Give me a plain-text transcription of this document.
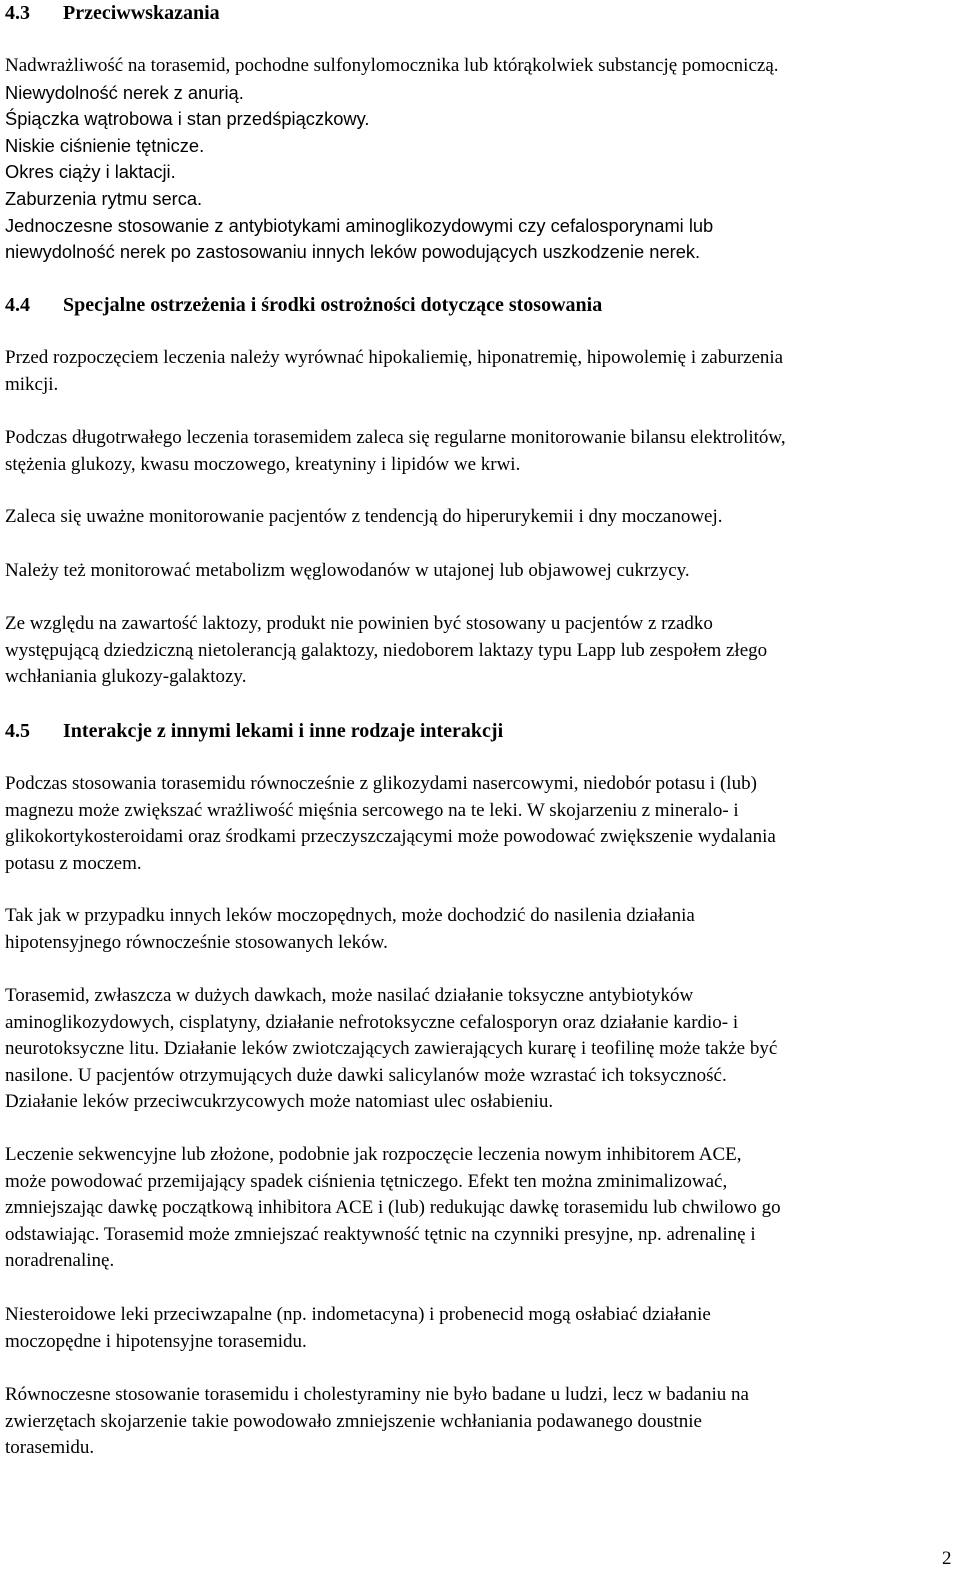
4.3 Przeciwwskazania

Nadwrażliwość na torasemid, pochodne sulfonylomocznika lub którąkolwiek substancję pomocniczą.

Niewydolność nerek z anurią.

Śpiączka wątrobowa i stan przedśpiączkowy.

Niskie ciśnienie tętnicze.

Okres ciąży i laktacji.

Zaburzenia rytmu serca.

Jednoczesne stosowanie z antybiotykami aminoglikozydowymi czy cefalosporynami lub

niewydolność nerek po zastosowaniu innych leków powodujących uszkodzenie nerek.

4.4 Specjalne ostrzeżenia i środki ostrożności dotyczące stosowania

Przed rozpoczęciem leczenia należy wyrównać hipokaliemię, hiponatremię, hipowolemię i zaburzenia

mikcji.

Podczas długotrwałego leczenia torasemidem zaleca się regularne monitorowanie bilansu elektrolitów,

stężenia glukozy, kwasu moczowego, kreatyniny i lipidów we krwi.

Zaleca się uważne monitorowanie pacjentów z tendencją do hiperurykemii i dny moczanowej.

Należy też monitorować metabolizm węglowodanów w utajonej lub objawowej cukrzycy.

Ze względu na zawartość laktozy, produkt nie powinien być stosowany u pacjentów z rzadko

występującą dziedziczną nietolerancją galaktozy, niedoborem laktazy typu Lapp lub zespołem złego

wchłaniania glukozy-galaktozy.

4.5 Interakcje z innymi lekami i inne rodzaje interakcji

Podczas stosowania torasemidu równocześnie z glikozydami nasercowymi, niedobór potasu i (lub)

magnezu może zwiększać wrażliwość mięśnia sercowego na te leki. W skojarzeniu z mineralo- i

glikokortykosteroidami oraz środkami przeczyszczającymi może powodować zwiększenie wydalania

potasu z moczem.

Tak jak w przypadku innych leków moczopędnych, może dochodzić do nasilenia działania

hipotensyjnego równocześnie stosowanych leków.

Torasemid, zwłaszcza w dużych dawkach, może nasilać działanie toksyczne antybiotyków

aminoglikozydowych, cisplatyny, działanie nefrotoksyczne cefalosporyn oraz działanie kardio- i

neurotoksyczne litu. Działanie leków zwiotczających zawierających kurarę i teofilinę może także być

nasilone. U pacjentów otrzymujących duże dawki salicylanów może wzrastać ich toksyczność.

Działanie leków przeciwcukrzycowych może natomiast ulec osłabieniu.

Leczenie sekwencyjne lub złożone, podobnie jak rozpoczęcie leczenia nowym inhibitorem ACE,

może powodować przemijający spadek ciśnienia tętniczego. Efekt ten można zminimalizować,

zmniejszając dawkę początkową inhibitora ACE i (lub) redukując dawkę torasemidu lub chwilowo go

odstawiając. Torasemid może zmniejszać reaktywność tętnic na czynniki presyjne, np. adrenalinę i

noradrenalinę.

Niesteroidowe leki przeciwzapalne (np. indometacyna) i probenecid mogą osłabiać działanie

moczopędne i hipotensyjne torasemidu.

Równoczesne stosowanie torasemidu i cholestyraminy nie było badane u ludzi, lecz w badaniu na

zwierzętach skojarzenie takie powodowało zmniejszenie wchłaniania podawanego doustnie

torasemidu.

2
